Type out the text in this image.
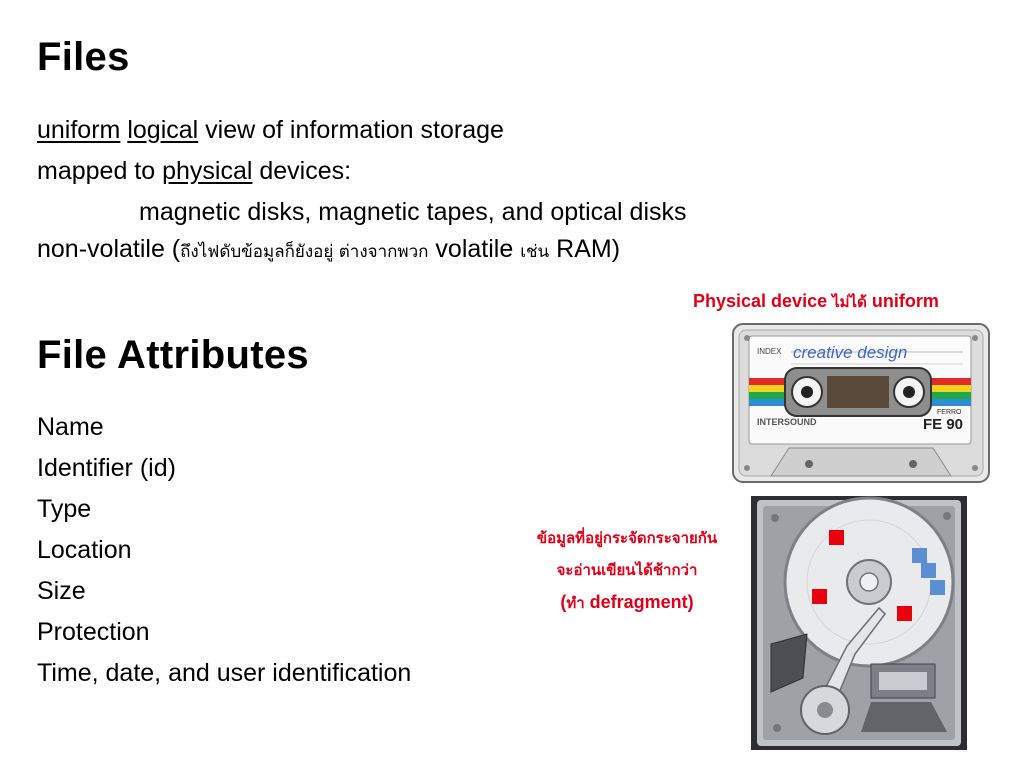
Files
uniform logical view of information storage
mapped to physical devices:
magnetic disks, magnetic tapes, and optical disks
non-volatile (ถึงไฟดับข้อมูลก็ยังอยู่ ต่างจากพวก volatile เช่น RAM)
Physical device ไม่ได้ uniform
File Attributes
Name
Identifier (id)
Type
Location
Size
Protection
Time, date, and user identification
ข้อมูลที่อยู่กระจัดกระจายกัน
จะอ่านเขียนได้ช้ากว่า
(ทำ defragment)
INDEX creative design
FERRO
FE 90
INTERSOUND
